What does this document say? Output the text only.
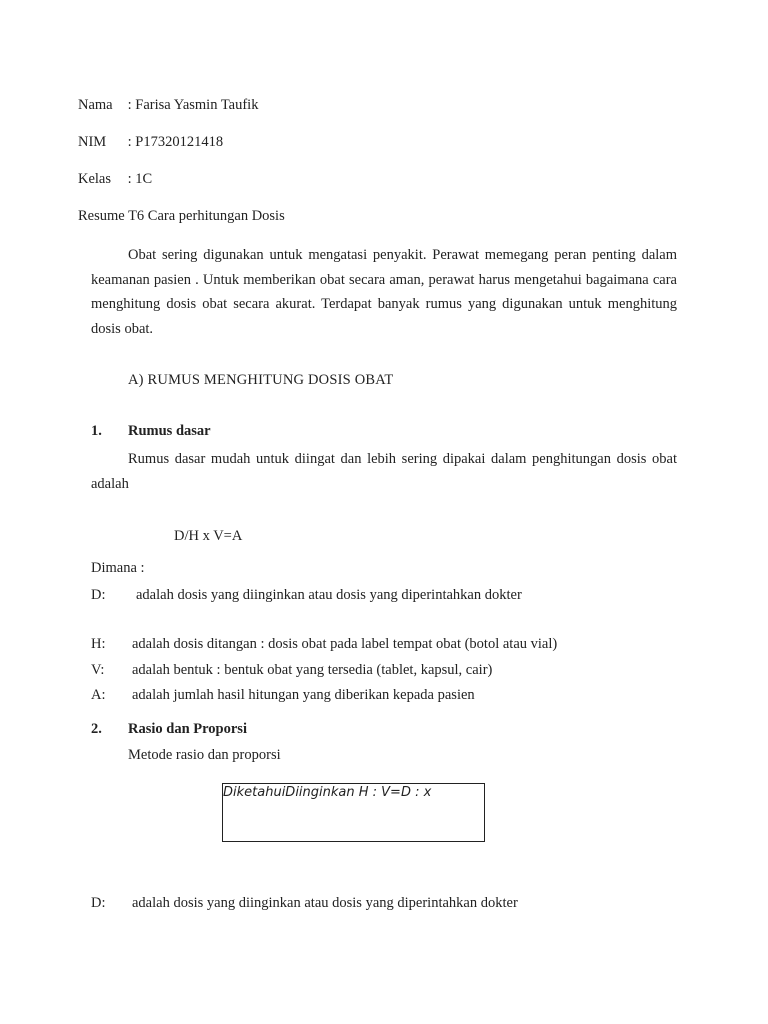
Nama : Farisa Yasmin Taufik
NIM : P17320121418
Kelas : 1C
Resume T6 Cara perhitungan Dosis

Obat sering digunakan untuk mengatasi penyakit. Perawat memegang peran penting dalam keamanan pasien . Untuk memberikan obat secara aman, perawat harus mengetahui bagaimana cara menghitung dosis obat secara akurat. Terdapat banyak rumus yang digunakan untuk menghitung dosis obat.

A) RUMUS MENGHITUNG DOSIS OBAT
1. Rumus dasar

Rumus dasar mudah untuk diingat dan lebih sering dipakai dalam penghitungan dosis obat adalah

D/H x V=A
Dimana :
D: adalah dosis yang diinginkan atau dosis yang diperintahkan dokter
H: adalah dosis ditangan : dosis obat pada label tempat obat (botol atau vial)
V: adalah bentuk : bentuk obat yang tersedia (tablet, kapsul, cair)
A: adalah jumlah hasil hitungan yang diberikan kepada pasien
2. Rasio dan Proporsi
Metode rasio dan proporsi
DiketahuiDiinginkan H : V=D : x
D: adalah dosis yang diinginkan atau dosis yang diperintahkan dokter
